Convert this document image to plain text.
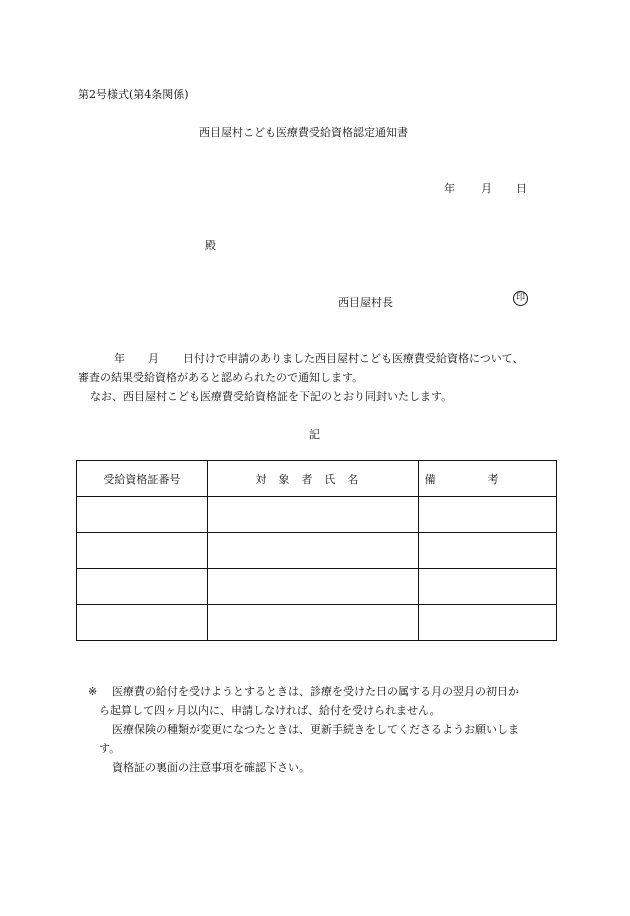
第2号様式(第4条関係)
西目屋村こども医療費受給資格認定通知書
年 月 日
殿
西目屋村長	印
年 月 日付けで申請のありました西目屋村こども医療費受給資格について、
審査の結果受給資格があると認められたので通知します。
なお、西目屋村こども医療費受給資格証を下記のとおり同封いたします。
記
受給資格証番号	対象者氏名	備考

※ 医療費の給付を受けようとするときは、診療を受けた日の属する月の翌月の初日か
ら起算して四ヶ月以内に、申請しなければ、給付を受けられません。
医療保険の種類が変更になつたときは、更新手続きをしてくださるようお願いしま
す。
資格証の裏面の注意事項を確認下さい。
